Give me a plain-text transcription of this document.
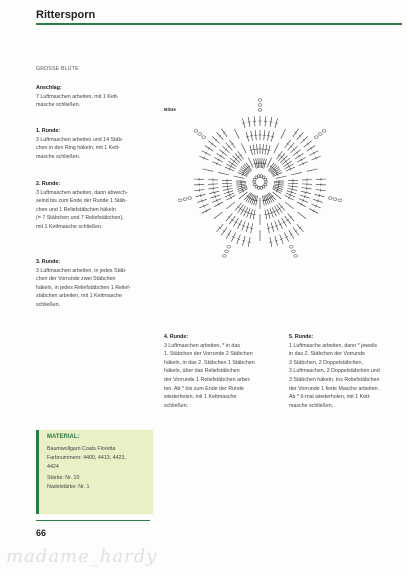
Rittersporn
GROSSE BLÜTE
Anschlag:
7 Luftmaschen arbeiten, mit 1 Kett-
masche schließen.
1. Runde:
3 Luftmaschen arbeiten und 14 Stäb-
chen in den Ring häkeln, mit 1 Kett-
masche schließen.
2. Runde:
3 Luftmaschen arbeiten, dann abwech-
selnd bis zum Ende der Runde 1 Stäb-
chen und 1 Reliefstäbchen häkeln
(= 7 Stäbchen und 7 Reliefstäbchen),
mit 1 Kettmasche schließen.
3. Runde:
3 Luftmaschen arbeiten, in jedes Stäb-
chen der Vorrunde zwei Stäbchen
häkeln, in jedes Reliefstäbchen 1 Relief-
stäbchen arbeiten, mit 1 Kettmasche
schließen.
Blüte
4. Runde:
3 Luftmaschen arbeiten, * in das
1. Stäbchen der Vorrunde 2 Stäbchen
häkeln, in das 2. Stäbchen 1 Stäbchen
häkeln, über das Reliefstäbchen
der Vorrunde 1 Reliefstäbchen arbei-
ten. Ab * bis zum Ende der Runde
wiederholen, mit 1 Kettmasche
schließen.
5. Runde:
1 Luftmasche arbeiten, dann * jeweils
in das 2. Stäbchen der Vorrunde
3 Stäbchen, 2 Doppelstäbchen,
3 Luftmaschen, 2 Doppelstäbchen und
3 Stäbchen häkeln. Ins Reliefstäbchen
der Vorrunde 1 feste Masche arbeiten.
Ab * 6-mal wiederholen, mit 1 Kett-
masche schließen.
MATERIAL:
Baumwollgarn Coats Floretta
Farbnummern: 4400, 4413, 4423,
4424
Stärke: Nr. 10
Nadelstärke: Nr. 1
66
madame_hardy
